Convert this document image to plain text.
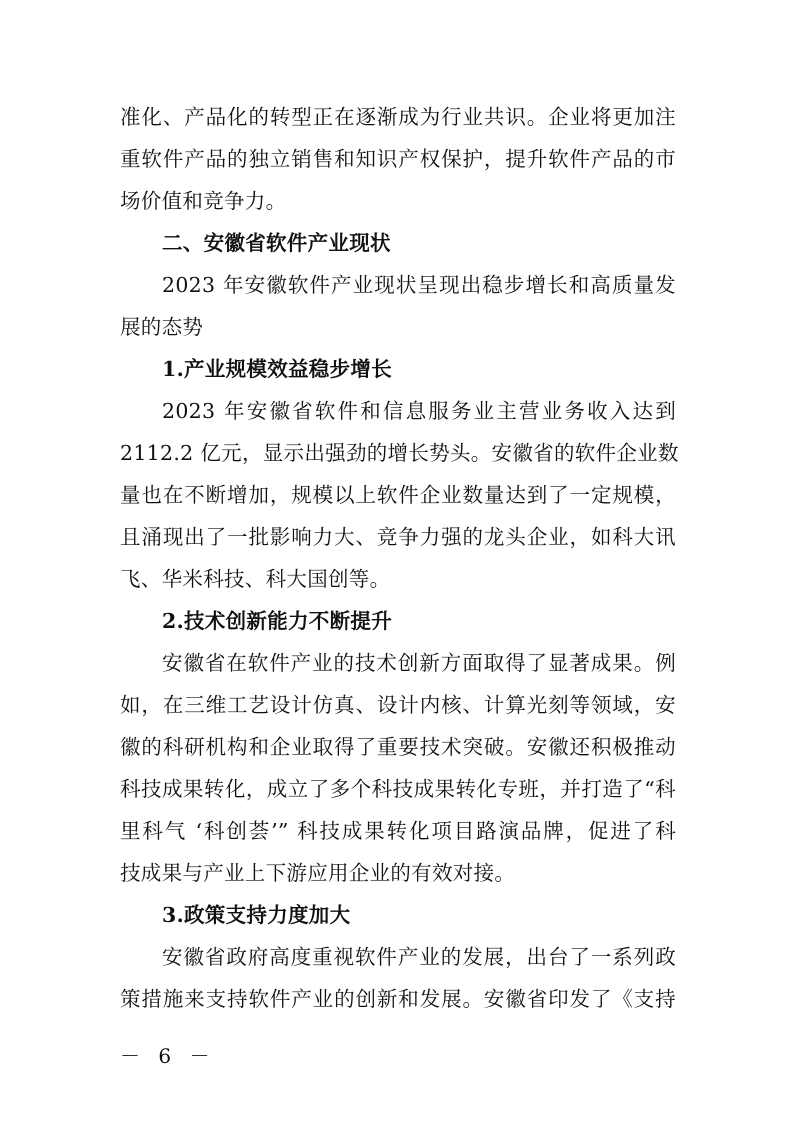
准化、产品化的转型正在逐渐成为行业共识。企业将更加注
重软件产品的独立销售和知识产权保护，提升软件产品的市
场价值和竞争力。
二、安徽省软件产业现状
2023 年安徽软件产业现状呈现出稳步增长和高质量发
展的态势
1.产业规模效益稳步增长
2023 年安徽省软件和信息服务业主营业务收入达到
2112.2 亿元，显示出强劲的增长势头。安徽省的软件企业数
量也在不断增加，规模以上软件企业数量达到了一定规模，
且涌现出了一批影响力大、竞争力强的龙头企业，如科大讯
飞、华米科技、科大国创等。
2.技术创新能力不断提升
安徽省在软件产业的技术创新方面取得了显著成果。例
如，在三维工艺设计仿真、设计内核、计算光刻等领域，安
徽的科研机构和企业取得了重要技术突破。安徽还积极推动
科技成果转化，成立了多个科技成果转化专班，并打造了“科
里科气 ‘科创荟’” 科技成果转化项目路演品牌，促进了科
技成果与产业上下游应用企业的有效对接。
3.政策支持力度加大
安徽省政府高度重视软件产业的发展，出台了一系列政
策措施来支持软件产业的创新和发展。安徽省印发了《支持
－ 6 －
